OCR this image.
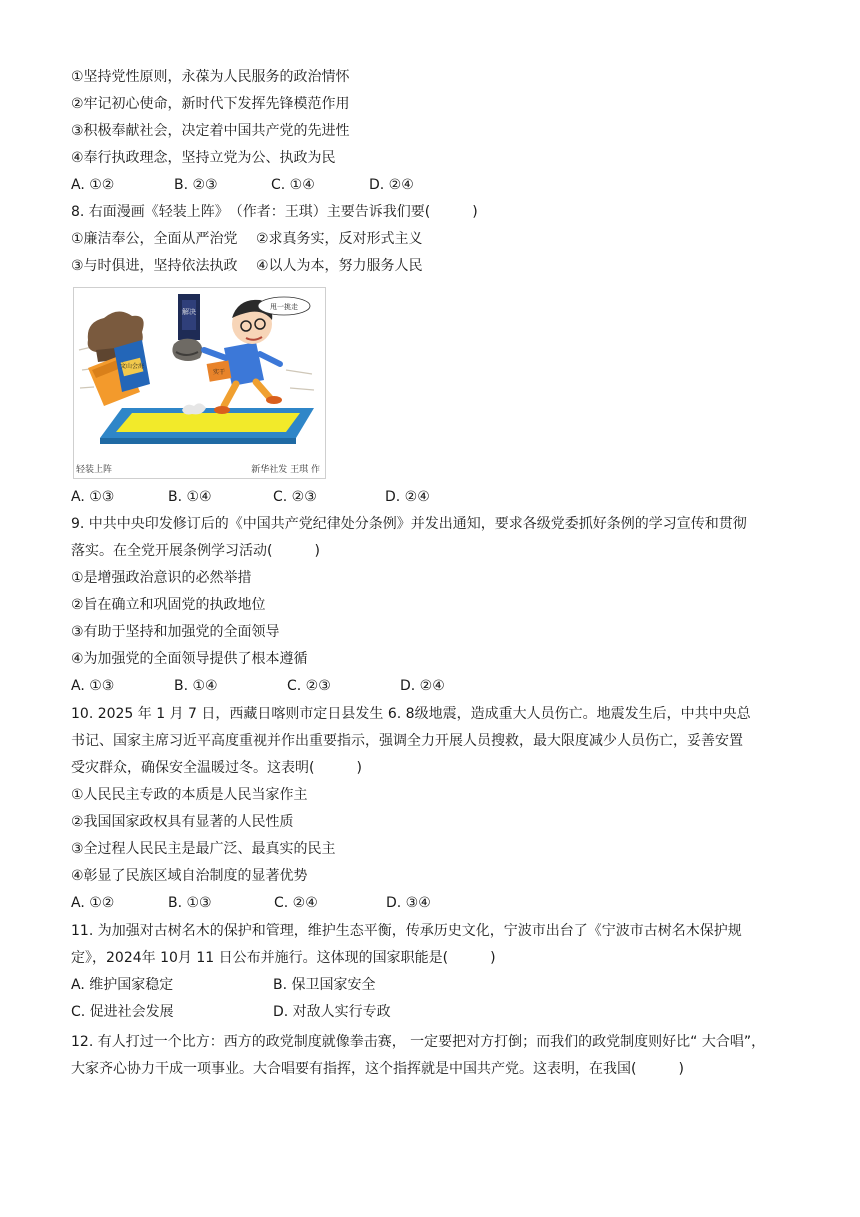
①坚持党性原则，永葆为人民服务的政治情怀
②牢记初心使命，新时代下发挥先锋模范作用
③积极奉献社会，决定着中国共产党的先进性
④奉行执政理念，坚持立党为公、执政为民
A. ①②	B. ②③	C. ①④	D. ②④
8. 右面漫画《轻装上阵》　（作者：王琪）主要告诉我们要(　　　)
①廉洁奉公，全面从严治党　 ②求真务实，反对形式主义
③与时俱进，坚持依法执政　 ④以人为本，努力服务人民
甩一挑走
解决
文山会海
实干
轻装上阵	新华社发 王琪 作
A. ①③	B. ①④	C. ②③	D. ②④
9. 中共中央印发修订后的《中国共产党纪律处分条例》并发出通知，要求各级党委抓好条例的学习宣传和贯彻
落实。在全党开展条例学习活动(　　　)
①是增强政治意识的必然举措
②旨在确立和巩固党的执政地位
③有助于坚持和加强党的全面领导
④为加强党的全面领导提供了根本遵循
A. ①③	B. ①④	C. ②③	D. ②④
10. 2025 年 1 月 7 日，西藏日喀则市定日县发生 6. 8级地震，造成重大人员伤亡。地震发生后，中共中央总
书记、国家主席习近平高度重视并作出重要指示，强调全力开展人员搜救，最大限度减少人员伤亡，妥善安置
受灾群众，确保安全温暖过冬。这表明(　　　)
①人民民主专政的本质是人民当家作主
②我国国家政权具有显著的人民性质
③全过程人民民主是最广泛、最真实的民主
④彰显了民族区域自治制度的显著优势
A. ①②	B. ①③	C. ②④	D. ③④
11. 为加强对古树名木的保护和管理，维护生态平衡，传承历史文化，宁波市出台了《宁波市古树名木保护规
定》，2024年 10月 11 日公布并施行。这体现的国家职能是(　　　)
A. 维护国家稳定	B. 保卫国家安全
C. 促进社会发展	D. 对敌人实行专政
12. 有人打过一个比方：西方的政党制度就像拳击赛， 一定要把对方打倒；而我们的政党制度则好比“ 大合唱”，
大家齐心协力干成一项事业。大合唱要有指挥，这个指挥就是中国共产党。这表明，在我国(　　　)
